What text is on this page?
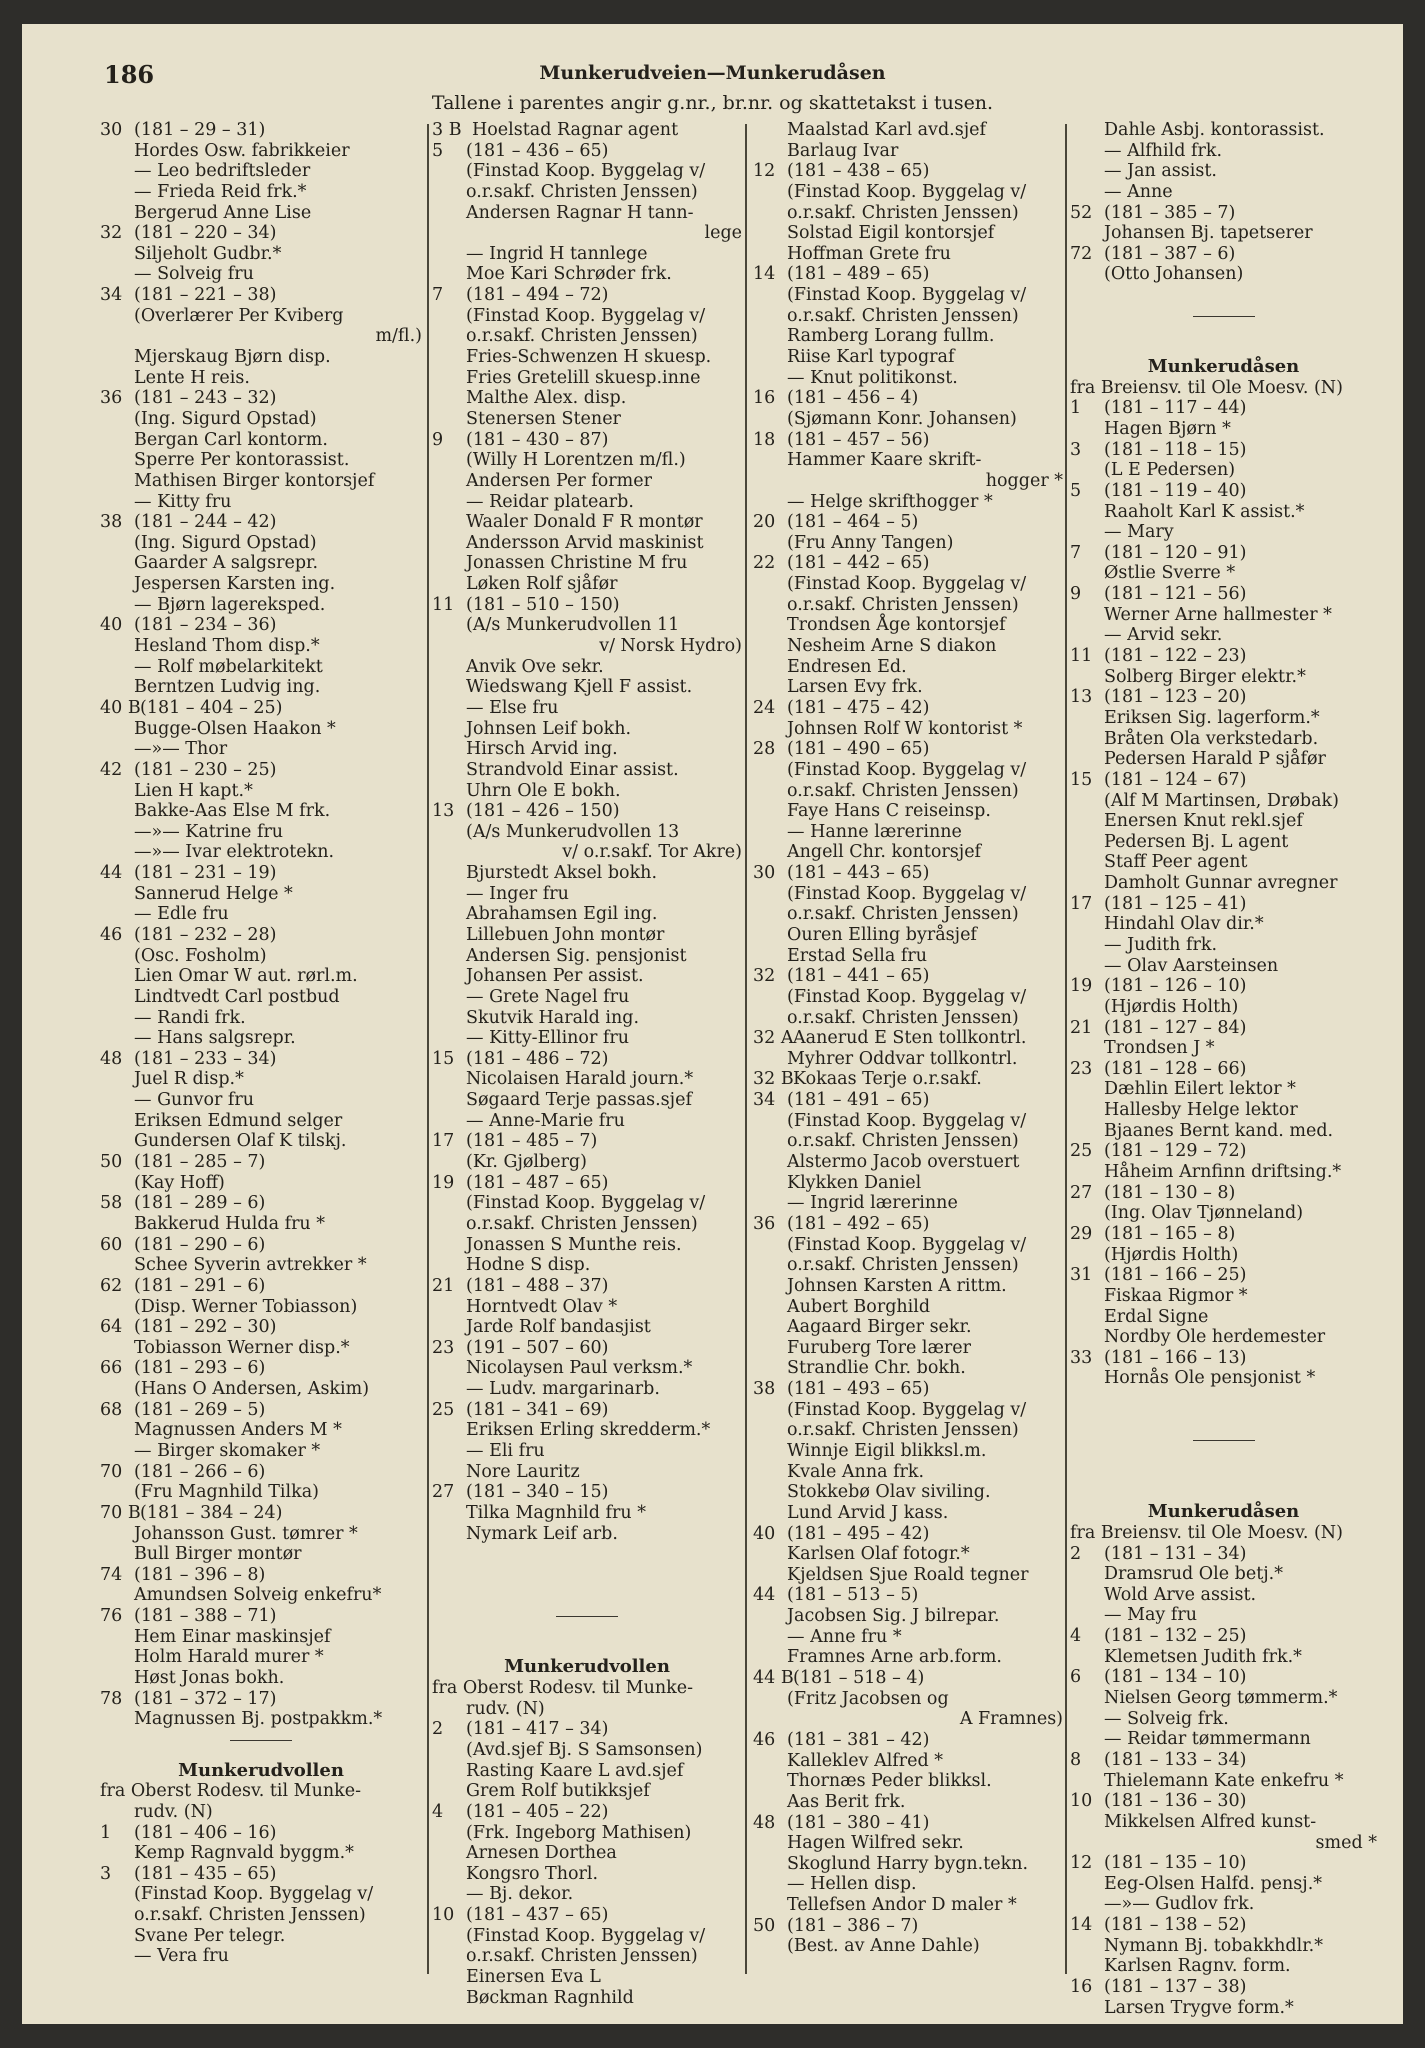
186	Munkerudveien—Munkerudåsen
Tallene i parentes angir g.nr., br.nr. og skattetakst i tusen.
30 (181 – 29 – 31)
Hordes Osw. fabrikkeier
— Leo bedriftsleder
— Frieda Reid frk.*
Bergerud Anne Lise
32 (181 – 220 – 34)
Siljeholt Gudbr.*
— Solveig fru
34 (181 – 221 – 38)
(Overlærer Per Kviberg
m/fl.)
Mjerskaug Bjørn disp.
Lente H reis.
36 (181 – 243 – 32)
(Ing. Sigurd Opstad)
Bergan Carl kontorm.
Sperre Per kontorassist.
Mathisen Birger kontorsjef
— Kitty fru
38 (181 – 244 – 42)
(Ing. Sigurd Opstad)
Gaarder A salgsrepr.
Jespersen Karsten ing.
— Bjørn lagereksped.
40 (181 – 234 – 36)
Hesland Thom disp.*
— Rolf møbelarkitekt
Berntzen Ludvig ing.
40 B (181 – 404 – 25)
Bugge-Olsen Haakon *
—»— Thor
42 (181 – 230 – 25)
Lien H kapt.*
Bakke-Aas Else M frk.
—»— Katrine fru
—»— Ivar elektrotekn.
44 (181 – 231 – 19)
Sannerud Helge *
— Edle fru
46 (181 – 232 – 28)
(Osc. Fosholm)
Lien Omar W aut. rørl.m.
Lindtvedt Carl postbud
— Randi frk.
— Hans salgsrepr.
48 (181 – 233 – 34)
Juel R disp.*
— Gunvor fru
Eriksen Edmund selger
Gundersen Olaf K tilskj.
50 (181 – 285 – 7)
(Kay Hoff)
58 (181 – 289 – 6)
Bakkerud Hulda fru *
60 (181 – 290 – 6)
Schee Syverin avtrekker *
62 (181 – 291 – 6)
(Disp. Werner Tobiasson)
64 (181 – 292 – 30)
Tobiasson Werner disp.*
66 (181 – 293 – 6)
(Hans O Andersen, Askim)
68 (181 – 269 – 5)
Magnussen Anders M *
— Birger skomaker *
70 (181 – 266 – 6)
(Fru Magnhild Tilka)
70 B (181 – 384 – 24)
Johansson Gust. tømrer *
Bull Birger montør
74 (181 – 396 – 8)
Amundsen Solveig enkefru*
76 (181 – 388 – 71)
Hem Einar maskinsjef
Holm Harald murer *
Høst Jonas bokh.
78 (181 – 372 – 17)
Magnussen Bj. postpakkm.*
Munkerudvollen
fra Oberst Rodesv. til Munke-
rudv. (N)
1 (181 – 406 – 16)
Kemp Ragnvald byggm.*
3 (181 – 435 – 65)
(Finstad Koop. Byggelag v/
o.r.sakf. Christen Jenssen)
Svane Per telegr.
— Vera fru
3 B Hoelstad Ragnar agent
5 (181 – 436 – 65)
(Finstad Koop. Byggelag v/
o.r.sakf. Christen Jenssen)
Andersen Ragnar H tann-
lege
— Ingrid H tannlege
Moe Kari Schrøder frk.
7 (181 – 494 – 72)
(Finstad Koop. Byggelag v/
o.r.sakf. Christen Jenssen)
Fries-Schwenzen H skuesp.
Fries Gretelill skuesp.inne
Malthe Alex. disp.
Stenersen Stener
9 (181 – 430 – 87)
(Willy H Lorentzen m/fl.)
Andersen Per former
— Reidar platearb.
Waaler Donald F R montør
Andersson Arvid maskinist
Jonassen Christine M fru
Løken Rolf sjåfør
11 (181 – 510 – 150)
(A/s Munkerudvollen 11
v/ Norsk Hydro)
Anvik Ove sekr.
Wiedswang Kjell F assist.
— Else fru
Johnsen Leif bokh.
Hirsch Arvid ing.
Strandvold Einar assist.
Uhrn Ole E bokh.
13 (181 – 426 – 150)
(A/s Munkerudvollen 13
v/ o.r.sakf. Tor Akre)
Bjurstedt Aksel bokh.
— Inger fru
Abrahamsen Egil ing.
Lillebuen John montør
Andersen Sig. pensjonist
Johansen Per assist.
— Grete Nagel fru
Skutvik Harald ing.
— Kitty-Ellinor fru
15 (181 – 486 – 72)
Nicolaisen Harald journ.*
Søgaard Terje passas.sjef
— Anne-Marie fru
17 (181 – 485 – 7)
(Kr. Gjølberg)
19 (181 – 487 – 65)
(Finstad Koop. Byggelag v/
o.r.sakf. Christen Jenssen)
Jonassen S Munthe reis.
Hodne S disp.
21 (181 – 488 – 37)
Horntvedt Olav *
Jarde Rolf bandasjist
23 (191 – 507 – 60)
Nicolaysen Paul verksm.*
— Ludv. margarinarb.
25 (181 – 341 – 69)
Eriksen Erling skredderm.*
— Eli fru
Nore Lauritz
27 (181 – 340 – 15)
Tilka Magnhild fru *
Nymark Leif arb.
Munkerudvollen
fra Oberst Rodesv. til Munke-
rudv. (N)
2 (181 – 417 – 34)
(Avd.sjef Bj. S Samsonsen)
Rasting Kaare L avd.sjef
Grem Rolf butikksjef
4 (181 – 405 – 22)
(Frk. Ingeborg Mathisen)
Arnesen Dorthea
Kongsro Thorl.
— Bj. dekor.
10 (181 – 437 – 65)
(Finstad Koop. Byggelag v/
o.r.sakf. Christen Jenssen)
Einersen Eva L
Bøckman Ragnhild
Maalstad Karl avd.sjef
Barlaug Ivar
12 (181 – 438 – 65)
(Finstad Koop. Byggelag v/
o.r.sakf. Christen Jenssen)
Solstad Eigil kontorsjef
Hoffman Grete fru
14 (181 – 489 – 65)
(Finstad Koop. Byggelag v/
o.r.sakf. Christen Jenssen)
Ramberg Lorang fullm.
Riise Karl typograf
— Knut politikonst.
16 (181 – 456 – 4)
(Sjømann Konr. Johansen)
18 (181 – 457 – 56)
Hammer Kaare skrift-
hogger *
— Helge skrifthogger *
20 (181 – 464 – 5)
(Fru Anny Tangen)
22 (181 – 442 – 65)
(Finstad Koop. Byggelag v/
o.r.sakf. Christen Jenssen)
Trondsen Åge kontorsjef
Nesheim Arne S diakon
Endresen Ed.
Larsen Evy frk.
24 (181 – 475 – 42)
Johnsen Rolf W kontorist *
28 (181 – 490 – 65)
(Finstad Koop. Byggelag v/
o.r.sakf. Christen Jenssen)
Faye Hans C reiseinsp.
— Hanne lærerinne
Angell Chr. kontorsjef
30 (181 – 443 – 65)
(Finstad Koop. Byggelag v/
o.r.sakf. Christen Jenssen)
Ouren Elling byråsjef
Erstad Sella fru
32 (181 – 441 – 65)
(Finstad Koop. Byggelag v/
o.r.sakf. Christen Jenssen)
32 A Aanerud E Sten tollkontrl.
Myhrer Oddvar tollkontrl.
32 B Kokaas Terje o.r.sakf.
34 (181 – 491 – 65)
(Finstad Koop. Byggelag v/
o.r.sakf. Christen Jenssen)
Alstermo Jacob overstuert
Klykken Daniel
— Ingrid lærerinne
36 (181 – 492 – 65)
(Finstad Koop. Byggelag v/
o.r.sakf. Christen Jenssen)
Johnsen Karsten A rittm.
Aubert Borghild
Aagaard Birger sekr.
Furuberg Tore lærer
Strandlie Chr. bokh.
38 (181 – 493 – 65)
(Finstad Koop. Byggelag v/
o.r.sakf. Christen Jenssen)
Winnje Eigil blikksl.m.
Kvale Anna frk.
Stokkebø Olav siviling.
Lund Arvid J kass.
40 (181 – 495 – 42)
Karlsen Olaf fotogr.*
Kjeldsen Sjue Roald tegner
44 (181 – 513 – 5)
Jacobsen Sig. J bilrepar.
— Anne fru *
Framnes Arne arb.form.
44 B (181 – 518 – 4)
(Fritz Jacobsen og
A Framnes)
46 (181 – 381 – 42)
Kalleklev Alfred *
Thornæs Peder blikksl.
Aas Berit frk.
48 (181 – 380 – 41)
Hagen Wilfred sekr.
Skoglund Harry bygn.tekn.
— Hellen disp.
Tellefsen Andor D maler *
50 (181 – 386 – 7)
(Best. av Anne Dahle)
Dahle Asbj. kontorassist.
— Alfhild frk.
— Jan assist.
— Anne
52 (181 – 385 – 7)
Johansen Bj. tapetserer
72 (181 – 387 – 6)
(Otto Johansen)
Munkerudåsen
fra Breiensv. til Ole Moesv. (N)
1 (181 – 117 – 44)
Hagen Bjørn *
3 (181 – 118 – 15)
(L E Pedersen)
5 (181 – 119 – 40)
Raaholt Karl K assist.*
— Mary
7 (181 – 120 – 91)
Østlie Sverre *
9 (181 – 121 – 56)
Werner Arne hallmester *
— Arvid sekr.
11 (181 – 122 – 23)
Solberg Birger elektr.*
13 (181 – 123 – 20)
Eriksen Sig. lagerform.*
Bråten Ola verkstedarb.
Pedersen Harald P sjåfør
15 (181 – 124 – 67)
(Alf M Martinsen, Drøbak)
Enersen Knut rekl.sjef
Pedersen Bj. L agent
Staff Peer agent
Damholt Gunnar avregner
17 (181 – 125 – 41)
Hindahl Olav dir.*
— Judith frk.
— Olav Aarsteinsen
19 (181 – 126 – 10)
(Hjørdis Holth)
21 (181 – 127 – 84)
Trondsen J *
23 (181 – 128 – 66)
Dæhlin Eilert lektor *
Hallesby Helge lektor
Bjaanes Bernt kand. med.
25 (181 – 129 – 72)
Håheim Arnfinn driftsing.*
27 (181 – 130 – 8)
(Ing. Olav Tjønneland)
29 (181 – 165 – 8)
(Hjørdis Holth)
31 (181 – 166 – 25)
Fiskaa Rigmor *
Erdal Signe
Nordby Ole herdemester
33 (181 – 166 – 13)
Hornås Ole pensjonist *
Munkerudåsen
fra Breiensv. til Ole Moesv. (N)
2 (181 – 131 – 34)
Dramsrud Ole betj.*
Wold Arve assist.
— May fru
4 (181 – 132 – 25)
Klemetsen Judith frk.*
6 (181 – 134 – 10)
Nielsen Georg tømmerm.*
— Solveig frk.
— Reidar tømmermann
8 (181 – 133 – 34)
Thielemann Kate enkefru *
10 (181 – 136 – 30)
Mikkelsen Alfred kunst-
smed *
12 (181 – 135 – 10)
Eeg-Olsen Halfd. pensj.*
—»— Gudlov frk.
14 (181 – 138 – 52)
Nymann Bj. tobakkhdlr.*
Karlsen Ragnv. form.
16 (181 – 137 – 38)
Larsen Trygve form.*
